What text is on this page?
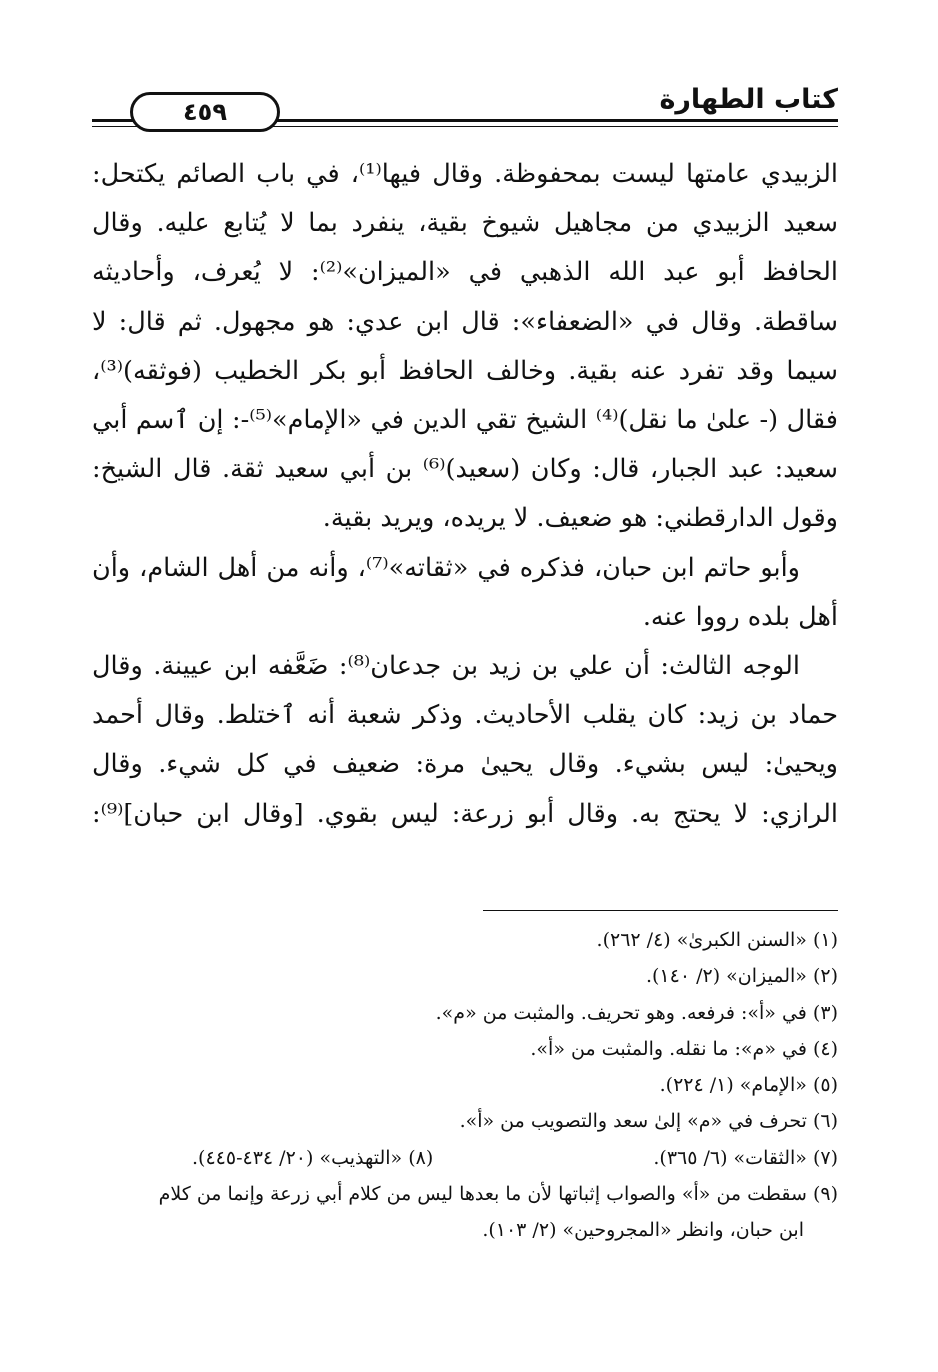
كتاب الطهارة
٤٥٩

الزبيدي عامتها ليست بمحفوظة. وقال فيها⁽¹⁾، في باب الصائم يكتحل: سعيد الزبيدي من مجاهيل شيوخ بقية، ينفرد بما لا يُتابع عليه. وقال الحافظ أبو عبد الله الذهبي في «الميزان»⁽²⁾: لا يُعرف، وأحاديثه ساقطة. وقال في «الضعفاء»: قال ابن عدي: هو مجهول. ثم قال: لا سيما وقد تفرد عنه بقية. وخالف الحافظ أبو بكر الخطيب (فوثقه)⁽³⁾، فقال (- علىٰ ما نقل)⁽⁴⁾ الشيخ تقي الدين في «الإمام»⁽⁵⁾-: إن ٱسم أبي سعيد: عبد الجبار، قال: وكان (سعيد)⁽⁶⁾ بن أبي سعيد ثقة. قال الشيخ: وقول الدارقطني: هو ضعيف. لا يريده، ويريد بقية.

وأبو حاتم ابن حبان، فذكره في «ثقاته»⁽⁷⁾، وأنه من أهل الشام، وأن أهل بلده رووا عنه.

الوجه الثالث: أن علي بن زيد بن جدعان⁽⁸⁾: ضَعَّفه ابن عيينة. وقال حماد بن زيد: كان يقلب الأحاديث. وذكر شعبة أنه ٱختلط. وقال أحمد ويحيىٰ: ليس بشيء. وقال يحيىٰ مرة: ضعيف في كل شيء. وقال الرازي: لا يحتج به. وقال أبو زرعة: ليس بقوي. [وقال ابن حبان]⁽⁹⁾:

(١) «السنن الكبرىٰ» (٤/ ٢٦٢).

(٢) «الميزان» (٢/ ١٤٠).

(٣) في «أ»: فرفعه. وهو تحريف. والمثبت من «م».

(٤) في «م»: ما نقله. والمثبت من «أ».

(٥) «الإمام» (١/ ٢٢٤).

(٦) تحرف في «م» إلىٰ سعد والتصويب من «أ».

(٧) «الثقات» (٦/ ٣٦٥).
(٨) «التهذيب» (٢٠/ ٤٣٤-٤٤٥).

(٩) سقطت من «أ» والصواب إثباتها لأن ما بعدها ليس من كلام أبي زرعة وإنما من كلام
ابن حبان، وانظر «المجروحين» (٢/ ١٠٣).
